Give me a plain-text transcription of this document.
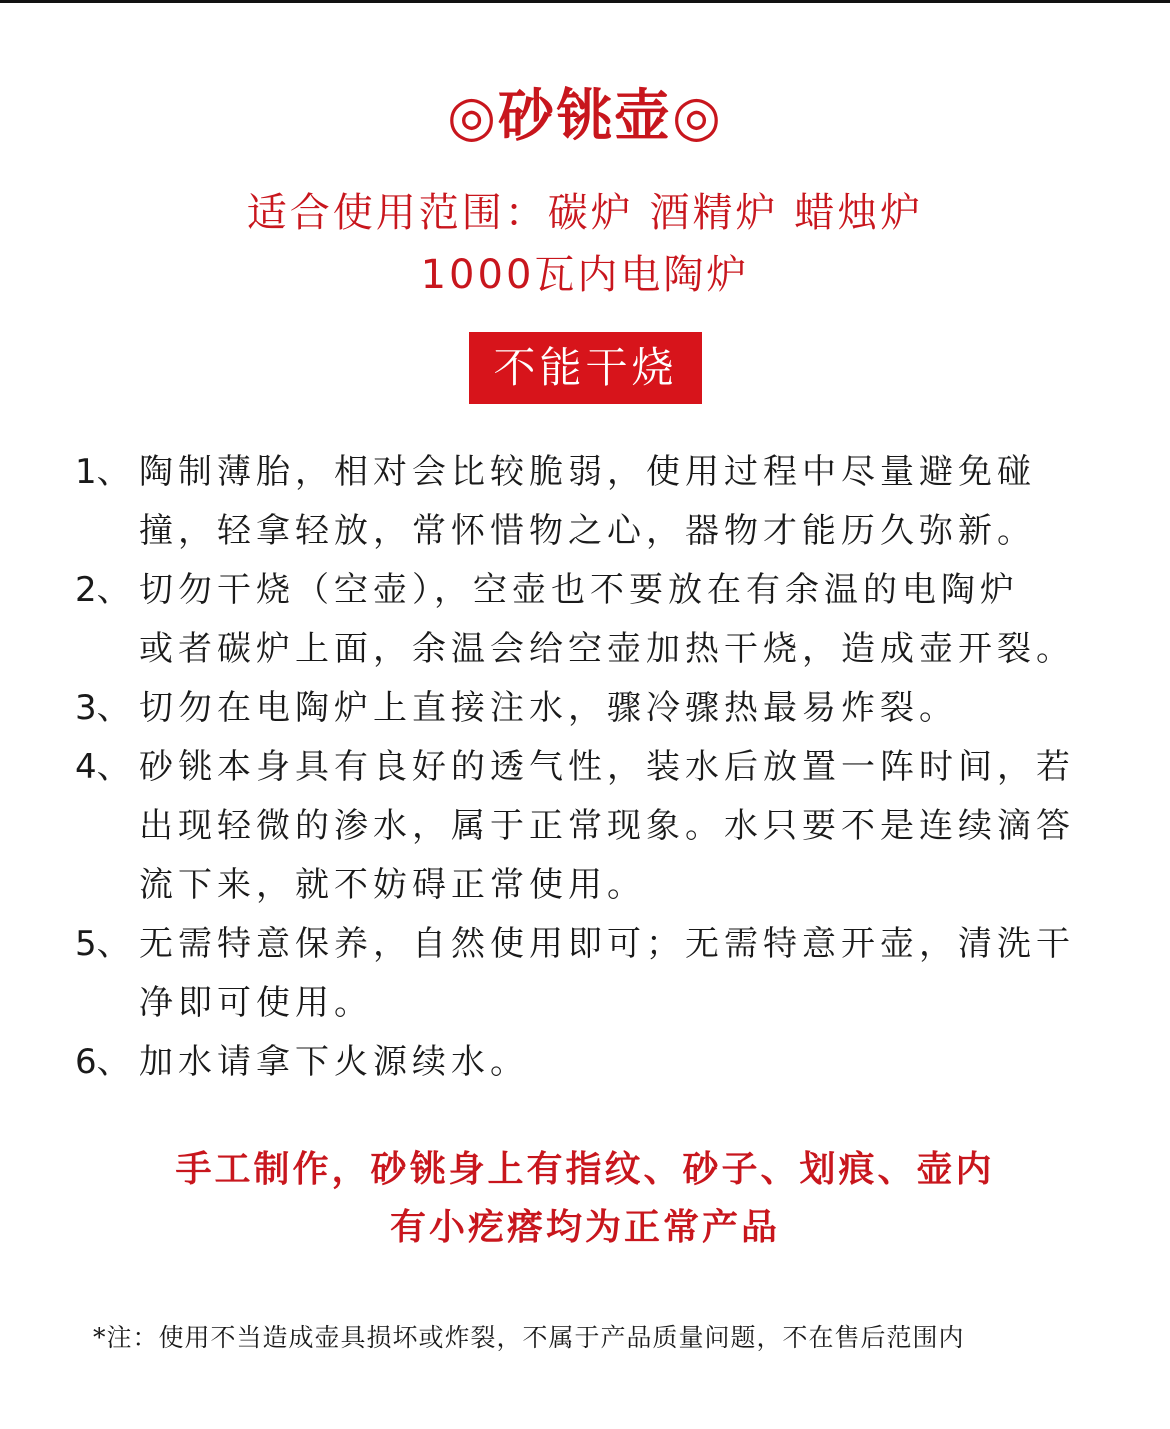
◎砂铫壶◎
适合使用范围：碳炉 酒精炉 蜡烛炉
1000瓦内电陶炉
不能干烧
1、 陶制薄胎，相对会比较脆弱，使用过程中尽量避免碰
撞，轻拿轻放，常怀惜物之心，器物才能历久弥新。
2、 切勿干烧（空壶），空壶也不要放在有余温的电陶炉
或者碳炉上面，余温会给空壶加热干烧，造成壶开裂。
3、 切勿在电陶炉上直接注水，骤冷骤热最易炸裂。
4、 砂铫本身具有良好的透气性，装水后放置一阵时间，若
出现轻微的渗水，属于正常现象。水只要不是连续滴答
流下来，就不妨碍正常使用。
5、 无需特意保养，自然使用即可；无需特意开壶，清洗干
净即可使用。
6、 加水请拿下火源续水。
手工制作，砂铫身上有指纹、砂子、划痕、壶内
有小疙瘩均为正常产品
*注：使用不当造成壶具损坏或炸裂，不属于产品质量问题，不在售后范围内
